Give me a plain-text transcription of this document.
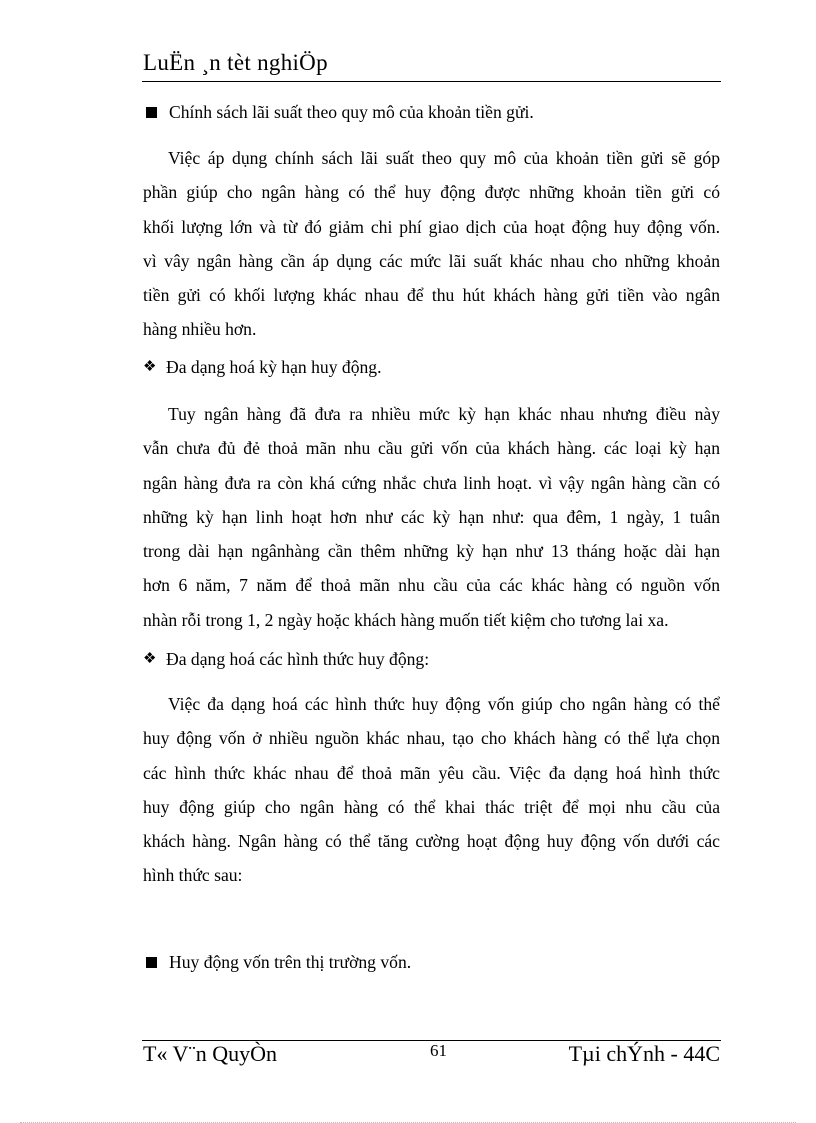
LuËn ¸n tèt nghiÖp
Chính sách lãi suất theo quy mô của khoản tiền gửi.
Việc áp dụng chính sách lãi suất theo quy mô của khoản tiền gửi sẽ góp
phần giúp cho ngân hàng có thể huy động được những khoản tiền gửi có
khối lượng lớn và từ đó giảm chi phí giao dịch của hoạt động huy động vốn.
vì vây ngân hàng cần áp dụng các mức lãi suất khác nhau cho những khoản
tiền gửi có khối lượng khác nhau để thu hút khách hàng gửi tiền vào ngân
hàng nhiều hơn.
❖ Đa dạng hoá kỳ hạn huy động.
Tuy ngân hàng đã đưa ra nhiều mức kỳ hạn khác nhau nhưng điều này
vẫn chưa đủ đẻ thoả mãn nhu cầu gửi vốn của khách hàng. các loại kỳ hạn
ngân hàng đưa ra còn khá cứng nhắc chưa linh hoạt. vì vậy ngân hàng cần có
những kỳ hạn linh hoạt hơn như các kỳ hạn như: qua đêm, 1 ngày, 1 tuân
trong dài hạn ngânhàng cần thêm những kỳ hạn như 13 tháng hoặc dài hạn
hơn 6 năm, 7 năm để thoả mãn nhu cầu của các khác hàng có nguồn vốn
nhàn rỗi trong 1, 2 ngày hoặc khách hàng muốn tiết kiệm cho tương lai xa.
❖ Đa dạng hoá các hình thức huy động:
Việc đa dạng hoá các hình thức huy động vốn giúp cho ngân hàng có thể
huy động vốn ở nhiều nguồn khác nhau, tạo cho khách hàng có thể lựa chọn
các hình thức khác nhau để thoả mãn yêu cầu. Việc đa dạng hoá hình thức
huy động giúp cho ngân hàng có thể khai thác triệt để mọi nhu cầu của
khách hàng. Ngân hàng có thể tăng cường hoạt động huy động vốn dưới các
hình thức sau:
Huy động vốn trên thị trường vốn.
T« V¨n QuyÒn	61	Tµi chÝnh - 44C
